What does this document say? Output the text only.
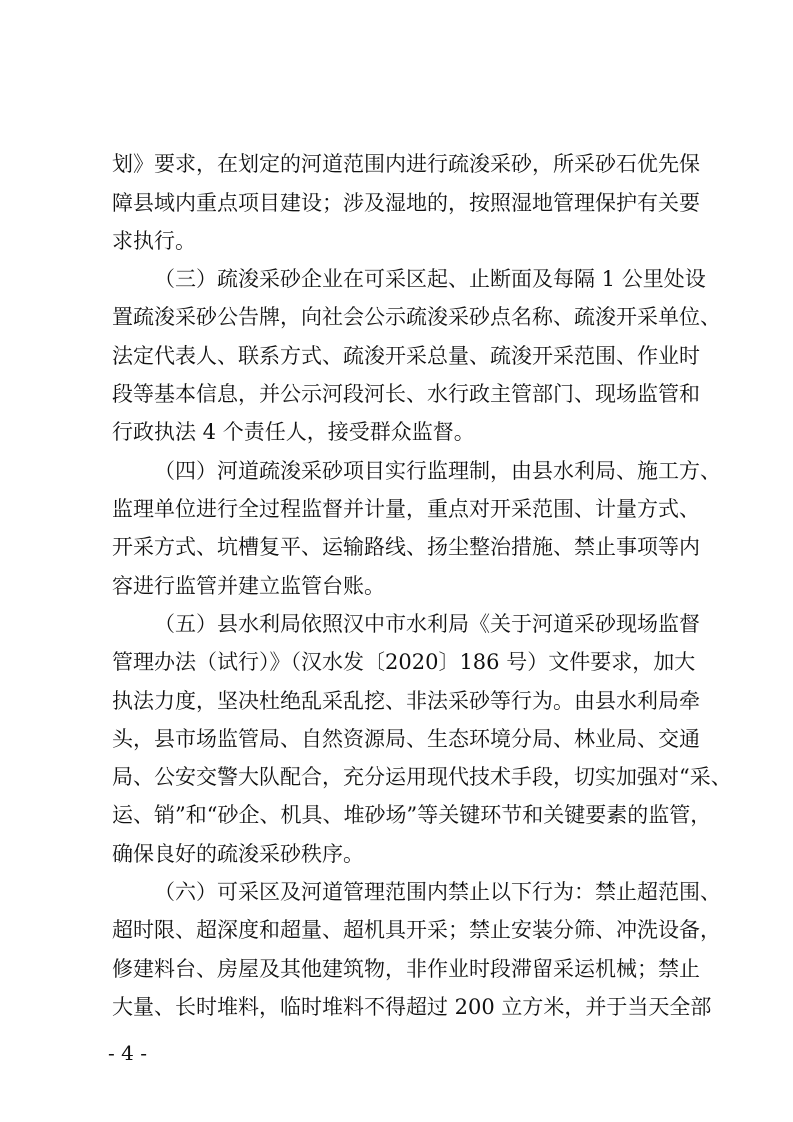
划》要求，在划定的河道范围内进行疏浚采砂，所采砂石优先保
障县域内重点项目建设；涉及湿地的，按照湿地管理保护有关要
求执行。
（三）疏浚采砂企业在可采区起、止断面及每隔 1 公里处设
置疏浚采砂公告牌，向社会公示疏浚采砂点名称、疏浚开采单位、
法定代表人、联系方式、疏浚开采总量、疏浚开采范围、作业时
段等基本信息，并公示河段河长、水行政主管部门、现场监管和
行政执法 4 个责任人，接受群众监督。
（四）河道疏浚采砂项目实行监理制，由县水利局、施工方、
监理单位进行全过程监督并计量，重点对开采范围、计量方式、
开采方式、坑槽复平、运输路线、扬尘整治措施、禁止事项等内
容进行监管并建立监管台账。
（五）县水利局依照汉中市水利局《关于河道采砂现场监督
管理办法（试行）》（汉水发〔2020〕186 号）文件要求，加大
执法力度，坚决杜绝乱采乱挖、非法采砂等行为。由县水利局牵
头，县市场监管局、自然资源局、生态环境分局、林业局、交通
局、公安交警大队配合，充分运用现代技术手段，切实加强对“采、
运、销”和“砂企、机具、堆砂场”等关键环节和关键要素的监管，
确保良好的疏浚采砂秩序。
（六）可采区及河道管理范围内禁止以下行为：禁止超范围、
超时限、超深度和超量、超机具开采；禁止安装分筛、冲洗设备，
修建料台、房屋及其他建筑物，非作业时段滞留采运机械；禁止
大量、长时堆料，临时堆料不得超过 200 立方米，并于当天全部
- 4 -
